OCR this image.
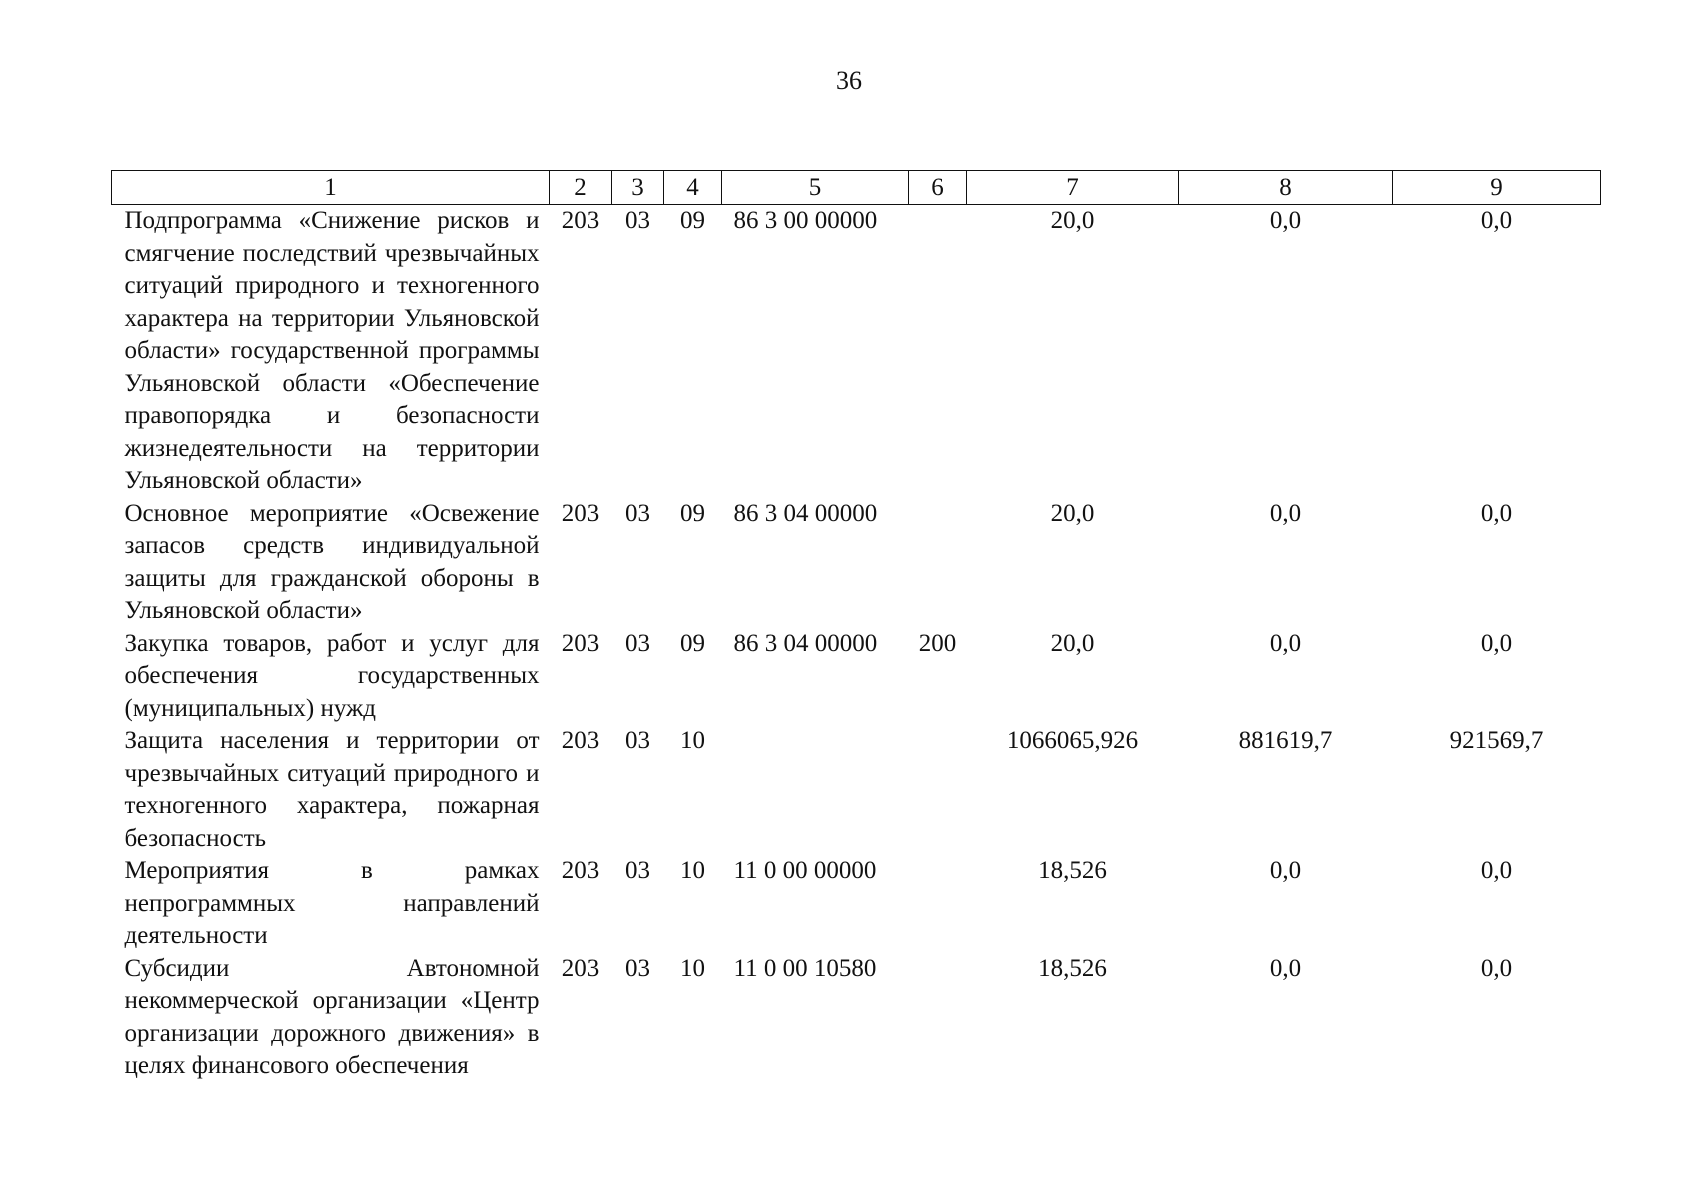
36
1	2	3	4	5	6	7	8	9
Подпрограмма «Снижение рисков и смягчение последствий чрезвычайных ситуаций природного и техногенного характера на территории Ульяновской области» государственной программы Ульяновской области «Обеспечение правопорядка и безопасности жизнедеятельности на территории Ульяновской области»	203	03	09	86 3 00 00000		20,0	0,0	0,0
Основное мероприятие «Освежение запасов средств индивидуальной защиты для гражданской обороны в Ульяновской области»	203	03	09	86 3 04 00000		20,0	0,0	0,0
Закупка товаров, работ и услуг для обеспечения государственных (муниципальных) нужд	203	03	09	86 3 04 00000	200	20,0	0,0	0,0
Защита населения и территории от чрезвычайных ситуаций природного и техногенного характера, пожарная безопасность	203	03	10			1066065,926	881619,7	921569,7
Мероприятия в рамках непрограммных направлений деятельности	203	03	10	11 0 00 00000		18,526	0,0	0,0
Субсидии Автономной некоммерческой организации «Центр организации дорожного движения» в целях финансового обеспечения	203	03	10	11 0 00 10580		18,526	0,0	0,0
